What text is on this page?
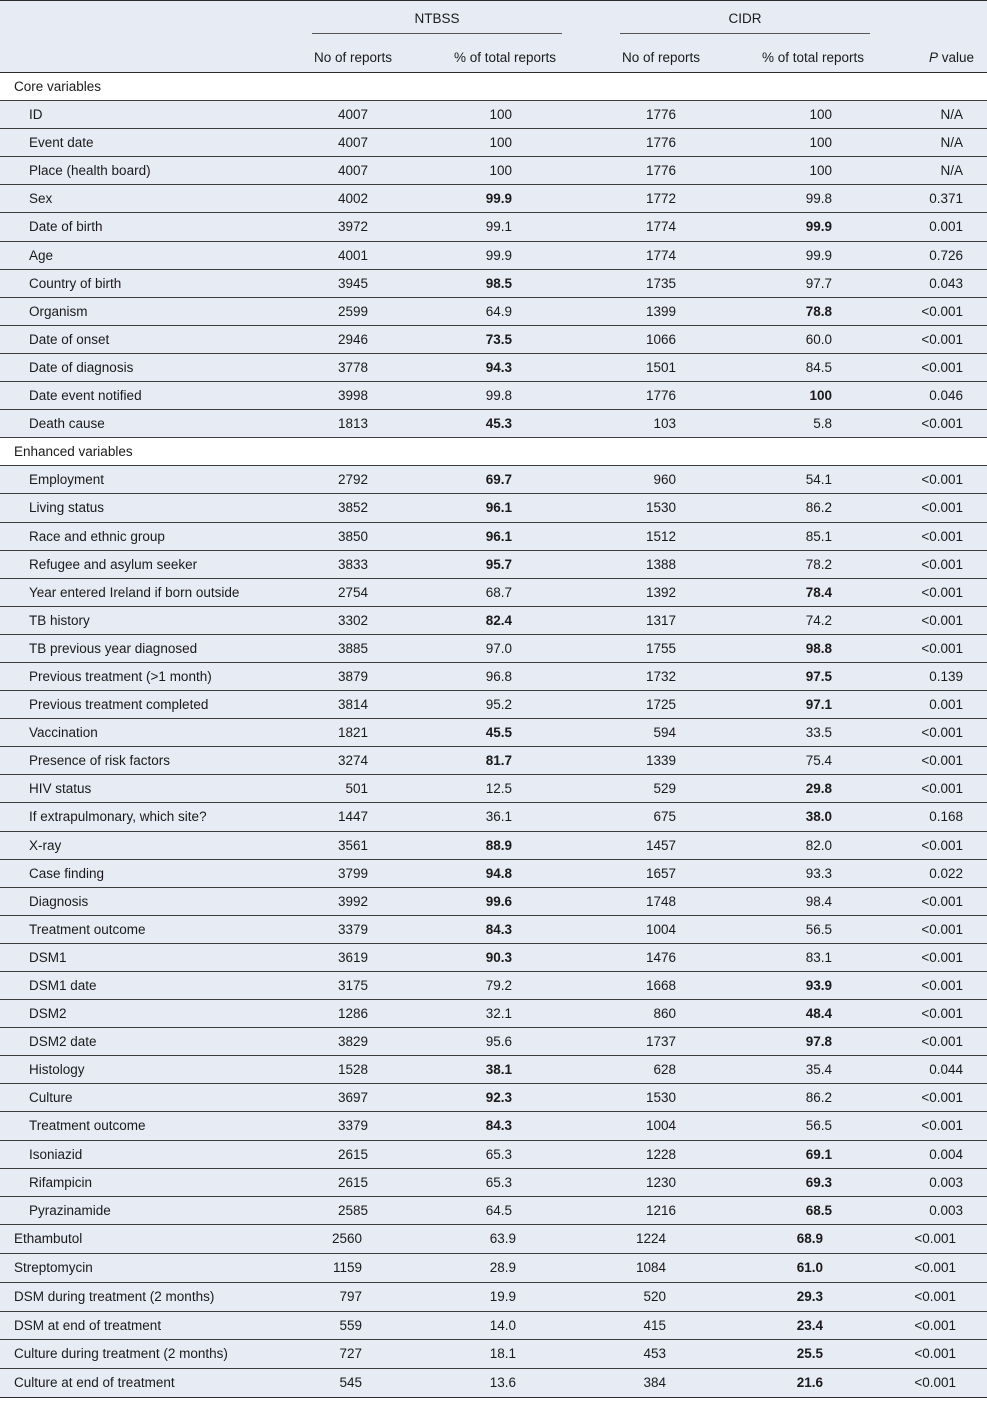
NTBSS	CIDR
No of reports	% of total reports	No of reports	% of total reports	P value
Core variables
ID	4007	100	1776	100	N/A
Event date	4007	100	1776	100	N/A
Place (health board)	4007	100	1776	100	N/A
Sex	4002	99.9	1772	99.8	0.371
Date of birth	3972	99.1	1774	99.9	0.001
Age	4001	99.9	1774	99.9	0.726
Country of birth	3945	98.5	1735	97.7	0.043
Organism	2599	64.9	1399	78.8	<0.001
Date of onset	2946	73.5	1066	60.0	<0.001
Date of diagnosis	3778	94.3	1501	84.5	<0.001
Date event notified	3998	99.8	1776	100	0.046
Death cause	1813	45.3	103	5.8	<0.001
Enhanced variables
Employment	2792	69.7	960	54.1	<0.001
Living status	3852	96.1	1530	86.2	<0.001
Race and ethnic group	3850	96.1	1512	85.1	<0.001
Refugee and asylum seeker	3833	95.7	1388	78.2	<0.001
Year entered Ireland if born outside	2754	68.7	1392	78.4	<0.001
TB history	3302	82.4	1317	74.2	<0.001
TB previous year diagnosed	3885	97.0	1755	98.8	<0.001
Previous treatment (>1 month)	3879	96.8	1732	97.5	0.139
Previous treatment completed	3814	95.2	1725	97.1	0.001
Vaccination	1821	45.5	594	33.5	<0.001
Presence of risk factors	3274	81.7	1339	75.4	<0.001
HIV status	501	12.5	529	29.8	<0.001
If extrapulmonary, which site?	1447	36.1	675	38.0	0.168
X-ray	3561	88.9	1457	82.0	<0.001
Case finding	3799	94.8	1657	93.3	0.022
Diagnosis	3992	99.6	1748	98.4	<0.001
Treatment outcome	3379	84.3	1004	56.5	<0.001
DSM1	3619	90.3	1476	83.1	<0.001
DSM1 date	3175	79.2	1668	93.9	<0.001
DSM2	1286	32.1	860	48.4	<0.001
DSM2 date	3829	95.6	1737	97.8	<0.001
Histology	1528	38.1	628	35.4	0.044
Culture	3697	92.3	1530	86.2	<0.001
Treatment outcome	3379	84.3	1004	56.5	<0.001
Isoniazid	2615	65.3	1228	69.1	0.004
Rifampicin	2615	65.3	1230	69.3	0.003
Pyrazinamide	2585	64.5	1216	68.5	0.003
Ethambutol	2560	63.9	1224	68.9	<0.001
Streptomycin	1159	28.9	1084	61.0	<0.001
DSM during treatment (2 months)	797	19.9	520	29.3	<0.001
DSM at end of treatment	559	14.0	415	23.4	<0.001
Culture during treatment (2 months)	727	18.1	453	25.5	<0.001
Culture at end of treatment	545	13.6	384	21.6	<0.001
